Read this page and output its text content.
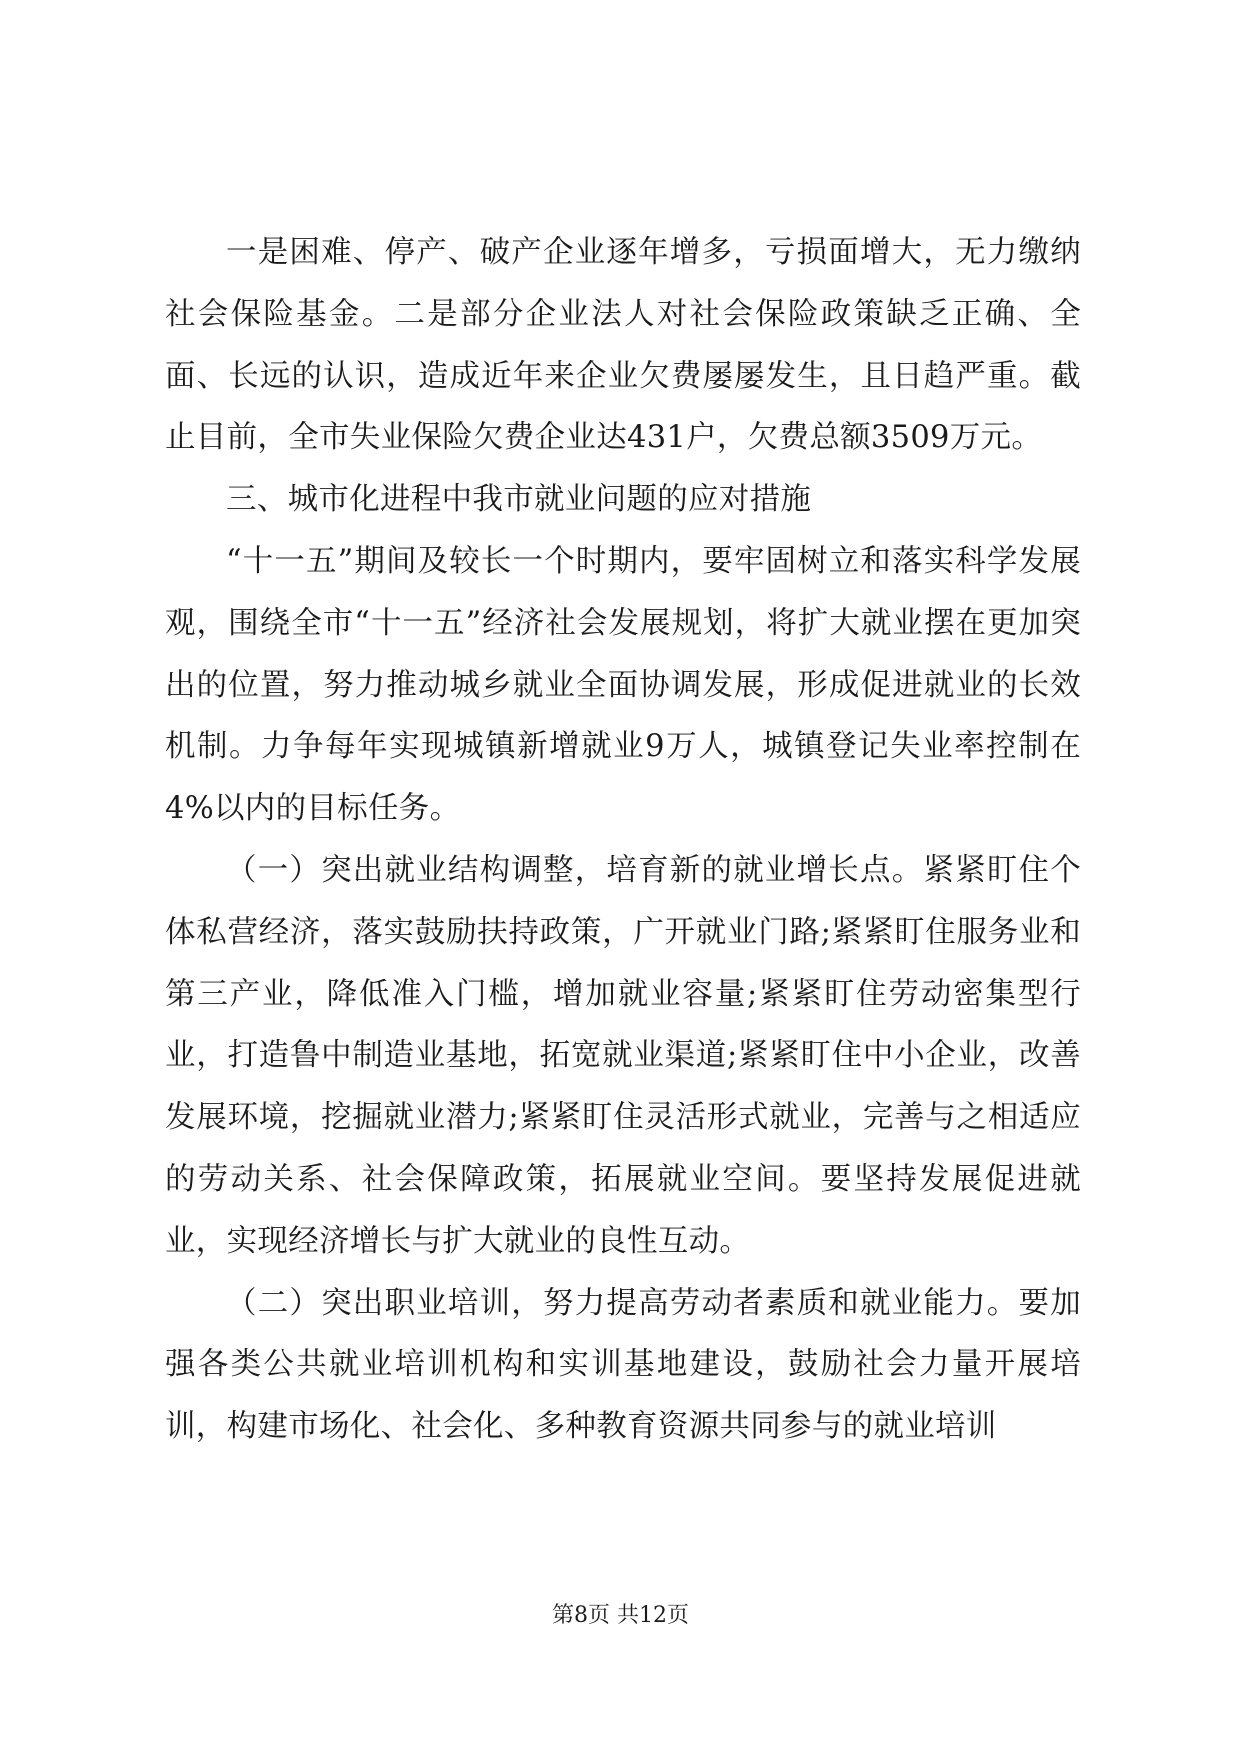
一是困难、停产、破产企业逐年增多，亏损面增大，无力缴纳社会保险基金。二是部分企业法人对社会保险政策缺乏正确、全面、长远的认识，造成近年来企业欠费屡屡发生，且日趋严重。截止目前，全市失业保险欠费企业达431户，欠费总额3509万元。

三、城市化进程中我市就业问题的应对措施

“十一五”期间及较长一个时期内，要牢固树立和落实科学发展观，围绕全市“十一五”经济社会发展规划，将扩大就业摆在更加突出的位置，努力推动城乡就业全面协调发展，形成促进就业的长效机制。力争每年实现城镇新增就业9万人，城镇登记失业率控制在4%以内的目标任务。

（一）突出就业结构调整，培育新的就业增长点。紧紧盯住个体私营经济，落实鼓励扶持政策，广开就业门路;紧紧盯住服务业和第三产业，降低准入门槛，增加就业容量;紧紧盯住劳动密集型行业，打造鲁中制造业基地，拓宽就业渠道;紧紧盯住中小企业，改善发展环境，挖掘就业潜力;紧紧盯住灵活形式就业，完善与之相适应的劳动关系、社会保障政策，拓展就业空间。要坚持发展促进就业，实现经济增长与扩大就业的良性互动。

（二）突出职业培训，努力提高劳动者素质和就业能力。要加强各类公共就业培训机构和实训基地建设，鼓励社会力量开展培训，构建市场化、社会化、多种教育资源共同参与的就业培训

第8页 共12页
